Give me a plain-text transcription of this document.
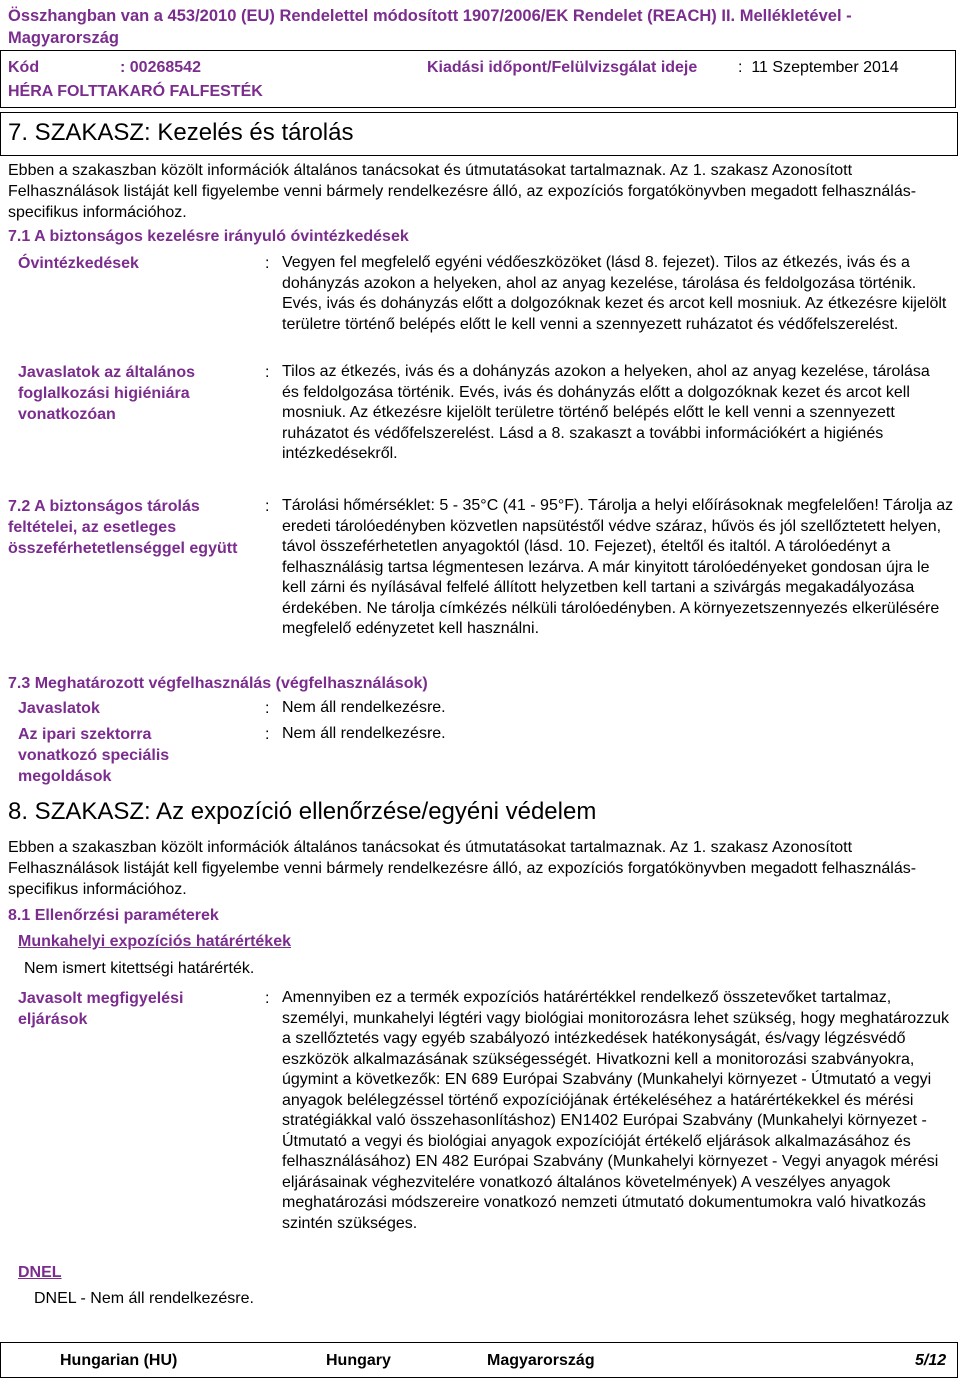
Összhangban van a 453/2010 (EU) Rendelettel módosított 1907/2006/EK Rendelet (REACH) II. Mellékletével - Magyarország
Kód	: 00268542	Kiadási időpont/Felülvizsgálat ideje	:  11 Szeptember 2014
HÉRA FOLTTAKARÓ FALFESTÉK
7. SZAKASZ: Kezelés és tárolás
Ebben a szakaszban közölt információk általános tanácsokat és útmutatásokat tartalmaznak. Az 1. szakasz Azonosított Felhasználások listáját kell figyelembe venni bármely rendelkezésre álló, az expozíciós forgatókönyvben megadott felhasználás-specifikus információhoz.
7.1 A biztonságos kezelésre irányuló óvintézkedések
Óvintézkedések	: Vegyen fel megfelelő egyéni védőeszközöket (lásd 8. fejezet). Tilos az étkezés, ivás és a dohányzás azokon a helyeken, ahol az anyag kezelése, tárolása és feldolgozása történik. Evés, ivás és dohányzás előtt a dolgozóknak kezet és arcot kell mosniuk. Az étkezésre kijelölt területre történő belépés előtt le kell venni a szennyezett ruházatot és védőfelszerelést.
Javaslatok az általános foglalkozási higiéniára vonatkozóan
: Tilos az étkezés, ivás és a dohányzás azokon a helyeken, ahol az anyag kezelése, tárolása és feldolgozása történik. Evés, ivás és dohányzás előtt a dolgozóknak kezet és arcot kell mosniuk. Az étkezésre kijelölt területre történő belépés előtt le kell venni a szennyezett ruházatot és védőfelszerelést. Lásd a 8. szakaszt a további információkért a higiénés intézkedésekről.
7.2 A biztonságos tárolás feltételei, az esetleges összeférhetetlenséggel együtt
: Tárolási hőmérséklet: 5 - 35°C (41 - 95°F). Tárolja a helyi előírásoknak megfelelően! Tárolja az eredeti tárolóedényben közvetlen napsütéstől védve száraz, hűvös és jól szellőztetett helyen, távol összeférhetetlen anyagoktól (lásd. 10. Fejezet), ételtől és italtól. A tárolóedényt a felhasználásig tartsa légmentesen lezárva. A már kinyitott tárolóedényeket gondosan újra le kell zárni és nyílásával felfelé állított helyzetben kell tartani a szivárgás megakadályozása érdekében. Ne tárolja címkézés nélküli tárolóedényben. A környezetszennyezés elkerülésére megfelelő edényzetet kell használni.
7.3 Meghatározott végfelhasználás (végfelhasználások)
Javaslatok	: Nem áll rendelkezésre.
Az ipari szektorra vonatkozó speciális megoldások
: Nem áll rendelkezésre.
8. SZAKASZ: Az expozíció ellenőrzése/egyéni védelem
Ebben a szakaszban közölt információk általános tanácsokat és útmutatásokat tartalmaznak. Az 1. szakasz Azonosított Felhasználások listáját kell figyelembe venni bármely rendelkezésre álló, az expozíciós forgatókönyvben megadott felhasználás-specifikus információhoz.
8.1 Ellenőrzési paraméterek
Munkahelyi expozíciós határértékek
Nem ismert kitettségi határérték.
Javasolt megfigyelési eljárások
: Amennyiben ez a termék expozíciós határértékkel rendelkező összetevőket tartalmaz, személyi, munkahelyi légtéri vagy biológiai monitorozásra lehet szükség, hogy meghatározzuk a szellőztetés vagy egyéb szabályozó intézkedések hatékonyságát, és/vagy légzésvédő eszközök alkalmazásának szükségességét. Hivatkozni kell a monitorozási szabványokra, úgymint a következők: EN 689 Európai Szabvány (Munkahelyi környezet - Útmutató a vegyi anyagok belélegzéssel történő expozíciójának értékeléséhez a határértékekkel és mérési stratégiákkal való összehasonlításhoz) EN1402 Európai Szabvány (Munkahelyi környezet - Útmutató a vegyi és biológiai anyagok expozícióját értékelő eljárások alkalmazásához és felhasználásához) EN 482 Európai Szabvány (Munkahelyi környezet - Vegyi anyagok mérési eljárásainak véghezvitelére vonatkozó általános követelmények) A veszélyes anyagok meghatározási módszereire vonatkozó nemzeti útmutató dokumentumokra való hivatkozás szintén szükséges.
DNEL
DNEL - Nem áll rendelkezésre.
Hungarian (HU)	Hungary	Magyarország	5/12
